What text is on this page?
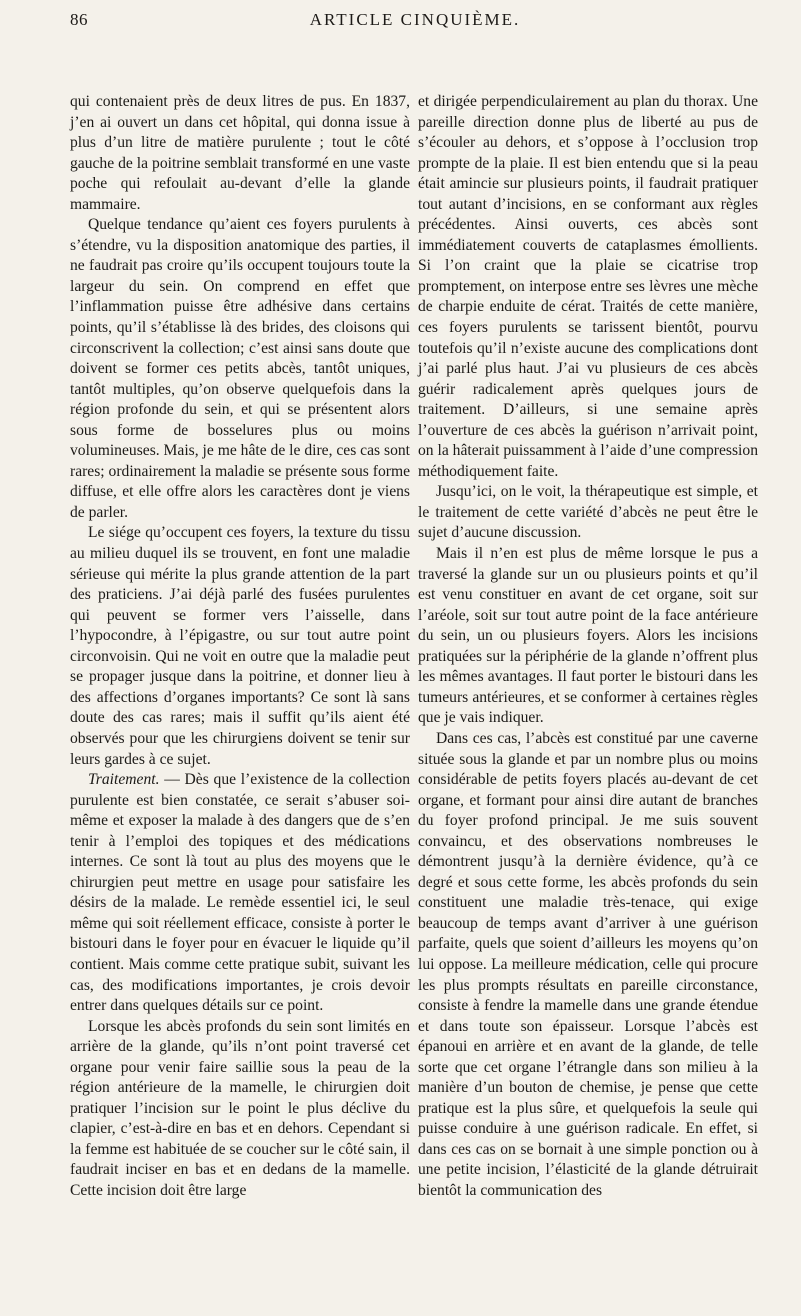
86	ARTICLE CINQUIÈME.

qui contenaient près de deux litres de pus. En 1837, j’en ai ouvert un dans cet hôpital, qui donna issue à plus d’un litre de matière purulente ; tout le côté gauche de la poitrine semblait transformé en une vaste poche qui refoulait au-devant d’elle la glande mammaire.

Quelque tendance qu’aient ces foyers purulents à s’étendre, vu la disposition anatomique des parties, il ne faudrait pas croire qu’ils occupent toujours toute la largeur du sein. On comprend en effet que l’inflammation puisse être adhésive dans certains points, qu’il s’établisse là des brides, des cloisons qui circonscrivent la collection; c’est ainsi sans doute que doivent se former ces petits abcès, tantôt uniques, tantôt multiples, qu’on observe quelquefois dans la région profonde du sein, et qui se présentent alors sous forme de bosselures plus ou moins volumineuses. Mais, je me hâte de le dire, ces cas sont rares; ordinairement la maladie se présente sous forme diffuse, et elle offre alors les caractères dont je viens de parler.

Le siége qu’occupent ces foyers, la texture du tissu au milieu duquel ils se trouvent, en font une maladie sérieuse qui mérite la plus grande attention de la part des praticiens. J’ai déjà parlé des fusées purulentes qui peuvent se former vers l’aisselle, dans l’hypocondre, à l’épigastre, ou sur tout autre point circonvoisin. Qui ne voit en outre que la maladie peut se propager jusque dans la poitrine, et donner lieu à des affections d’organes importants? Ce sont là sans doute des cas rares; mais il suffit qu’ils aient été observés pour que les chirurgiens doivent se tenir sur leurs gardes à ce sujet.

Traitement. — Dès que l’existence de la collection purulente est bien constatée, ce serait s’abuser soi-même et exposer la malade à des dangers que de s’en tenir à l’emploi des topiques et des médications internes. Ce sont là tout au plus des moyens que le chirurgien peut mettre en usage pour satisfaire les désirs de la malade. Le remède essentiel ici, le seul même qui soit réellement efficace, consiste à porter le bistouri dans le foyer pour en évacuer le liquide qu’il contient. Mais comme cette pratique subit, suivant les cas, des modifications importantes, je crois devoir entrer dans quelques détails sur ce point.

Lorsque les abcès profonds du sein sont limités en arrière de la glande, qu’ils n’ont point traversé cet organe pour venir faire saillie sous la peau de la région antérieure de la mamelle, le chirurgien doit pratiquer l’incision sur le point le plus déclive du clapier, c’est-à-dire en bas et en dehors. Cependant si la femme est habituée de se coucher sur le côté sain, il faudrait inciser en bas et en dedans de la mamelle. Cette incision doit être large

et dirigée perpendiculairement au plan du thorax. Une pareille direction donne plus de liberté au pus de s’écouler au dehors, et s’oppose à l’occlusion trop prompte de la plaie. Il est bien entendu que si la peau était amincie sur plusieurs points, il faudrait pratiquer tout autant d’incisions, en se conformant aux règles précédentes. Ainsi ouverts, ces abcès sont immédiatement couverts de cataplasmes émollients. Si l’on craint que la plaie se cicatrise trop promptement, on interpose entre ses lèvres une mèche de charpie enduite de cérat. Traités de cette manière, ces foyers purulents se tarissent bientôt, pourvu toutefois qu’il n’existe aucune des complications dont j’ai parlé plus haut. J’ai vu plusieurs de ces abcès guérir radicalement après quelques jours de traitement. D’ailleurs, si une semaine après l’ouverture de ces abcès la guérison n’arrivait point, on la hâterait puissamment à l’aide d’une compression méthodiquement faite.

Jusqu’ici, on le voit, la thérapeutique est simple, et le traitement de cette variété d’abcès ne peut être le sujet d’aucune discussion.

Mais il n’en est plus de même lorsque le pus a traversé la glande sur un ou plusieurs points et qu’il est venu constituer en avant de cet organe, soit sur l’aréole, soit sur tout autre point de la face antérieure du sein, un ou plusieurs foyers. Alors les incisions pratiquées sur la périphérie de la glande n’offrent plus les mêmes avantages. Il faut porter le bistouri dans les tumeurs antérieures, et se conformer à certaines règles que je vais indiquer.

Dans ces cas, l’abcès est constitué par une caverne située sous la glande et par un nombre plus ou moins considérable de petits foyers placés au-devant de cet organe, et formant pour ainsi dire autant de branches du foyer profond principal. Je me suis souvent convaincu, et des observations nombreuses le démontrent jusqu’à la dernière évidence, qu’à ce degré et sous cette forme, les abcès profonds du sein constituent une maladie très-tenace, qui exige beaucoup de temps avant d’arriver à une guérison parfaite, quels que soient d’ailleurs les moyens qu’on lui oppose. La meilleure médication, celle qui procure les plus prompts résultats en pareille circonstance, consiste à fendre la mamelle dans une grande étendue et dans toute son épaisseur. Lorsque l’abcès est épanoui en arrière et en avant de la glande, de telle sorte que cet organe l’étrangle dans son milieu à la manière d’un bouton de chemise, je pense que cette pratique est la plus sûre, et quelquefois la seule qui puisse conduire à une guérison radicale. En effet, si dans ces cas on se bornait à une simple ponction ou à une petite incision, l’élasticité de la glande détruirait bientôt la communication des
